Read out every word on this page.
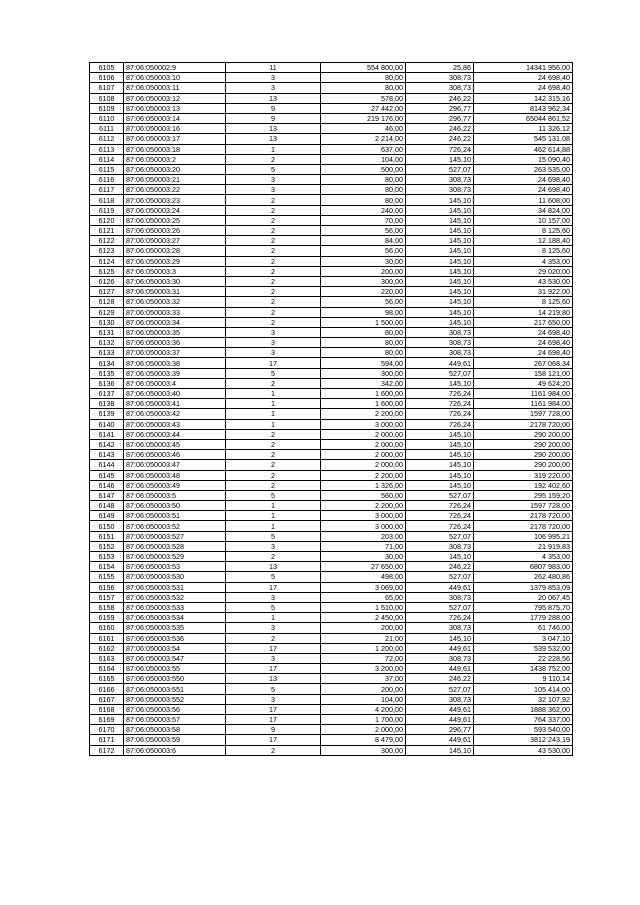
6105	87:06:050002:9	11	554 800,00	25,86	14341 956,00
6106	87:06:050003:10	3	80,00	308,73	24 698,40
6107	87:06:050003:11	3	80,00	308,73	24 698,40
6108	87:06:050003:12	13	578,00	246,22	142 315,16
6109	87:06:050003:13	9	27 442,00	296,77	8143 962,34
6110	87:06:050003:14	9	219 176,00	296,77	65044 861,52
6111	87:06:050003:16	13	46,00	246,22	11 326,12
6112	87:06:050003:17	13	2 214,00	246,22	545 131,08
6113	87:06:050003:18	1	637,00	726,24	462 614,88
6114	87:06:050003:2	2	104,00	145,10	15 090,40
6115	87:06:050003:20	5	500,00	527,07	263 535,00
6116	87:06:050003:21	3	80,00	308,73	24 698,40
6117	87:06:050003:22	3	80,00	308,73	24 698,40
6118	87:06:050003:23	2	80,00	145,10	11 608,00
6119	87:06:050003:24	2	240,00	145,10	34 824,00
6120	87:06:050003:25	2	70,00	145,10	10 157,00
6121	87:06:050003:26	2	56,00	145,10	8 125,60
6122	87:06:050003:27	2	84,00	145,10	12 188,40
6123	87:06:050003:28	2	56,00	145,10	8 125,60
6124	87:06:050003:29	2	30,00	145,10	4 353,00
6125	87:06:050003:3	2	200,00	145,10	29 020,00
6126	87:06:050003:30	2	300,00	145,10	43 530,00
6127	87:06:050003:31	2	220,00	145,10	31 922,00
6128	87:06:050003:32	2	56,00	145,10	8 125,60
6129	87:06:050003:33	2	98,00	145,10	14 219,80
6130	87:06:050003:34	2	1 500,00	145,10	217 650,00
6131	87:06:050003:35	3	80,00	308,73	24 698,40
6132	87:06:050003:36	3	80,00	308,73	24 698,40
6133	87:06:050003:37	3	80,00	308,73	24 698,40
6134	87:06:050003:38	17	594,00	449,61	267 068,34
6135	87:06:050003:39	5	300,00	527,07	158 121,00
6136	87:06:050003:4	2	342,00	145,10	49 624,20
6137	87:06:050003:40	1	1 600,00	726,24	1161 984,00
6138	87:06:050003:41	1	1 600,00	726,24	1161 984,00
6139	87:06:050003:42	1	2 200,00	726,24	1597 728,00
6140	87:06:050003:43	1	3 000,00	726,24	2178 720,00
6141	87:06:050003:44	2	2 000,00	145,10	290 200,00
6142	87:06:050003:45	2	2 000,00	145,10	290 200,00
6143	87:06:050003:46	2	2 000,00	145,10	290 200,00
6144	87:06:050003:47	2	2 000,00	145,10	290 200,00
6145	87:06:050003:48	2	2 200,00	145,10	319 220,00
6146	87:06:050003:49	2	1 326,00	145,10	192 402,60
6147	87:06:050003:5	5	560,00	527,07	295 159,20
6148	87:06:050003:50	1	2 200,00	726,24	1597 728,00
6149	87:06:050003:51	1	3 000,00	726,24	2178 720,00
6150	87:06:050003:52	1	3 000,00	726,24	2178 720,00
6151	87:06:050003:527	5	203,00	527,07	106 995,21
6152	87:06:050003:528	3	71,00	308,73	21 919,83
6153	87:06:050003:529	2	30,00	145,10	4 353,00
6154	87:06:050003:53	13	27 650,00	246,22	6807 983,00
6155	87:06:050003:530	5	498,00	527,07	262 480,86
6156	87:06:050003:531	17	3 069,00	449,61	1379 853,09
6157	87:06:050003:532	3	65,00	308,73	20 067,45
6158	87:06:050003:533	5	1 510,00	527,07	795 875,70
6159	87:06:050003:534	1	2 450,00	726,24	1779 288,00
6160	87:06:050003:535	3	200,00	308,73	61 746,00
6161	87:06:050003:536	2	21,00	145,10	3 047,10
6162	87:06:050003:54	17	1 200,00	449,61	539 532,00
6163	87:06:050003:547	3	72,00	308,73	22 228,56
6164	87:06:050003:55	17	3 200,00	449,61	1438 752,00
6165	87:06:050003:550	13	37,00	246,22	9 110,14
6166	87:06:050003:551	5	200,00	527,07	105 414,00
6167	87:06:050003:552	3	104,00	308,73	32 107,92
6168	87:06:050003:56	17	4 200,00	449,61	1888 362,00
6169	87:06:050003:57	17	1 700,00	449,61	764 337,00
6170	87:06:050003:58	9	2 000,00	296,77	593 540,00
6171	87:06:050003:59	17	8 479,00	449,61	3812 243,19
6172	87:06:050003:6	2	300,00	145,10	43 530,00
